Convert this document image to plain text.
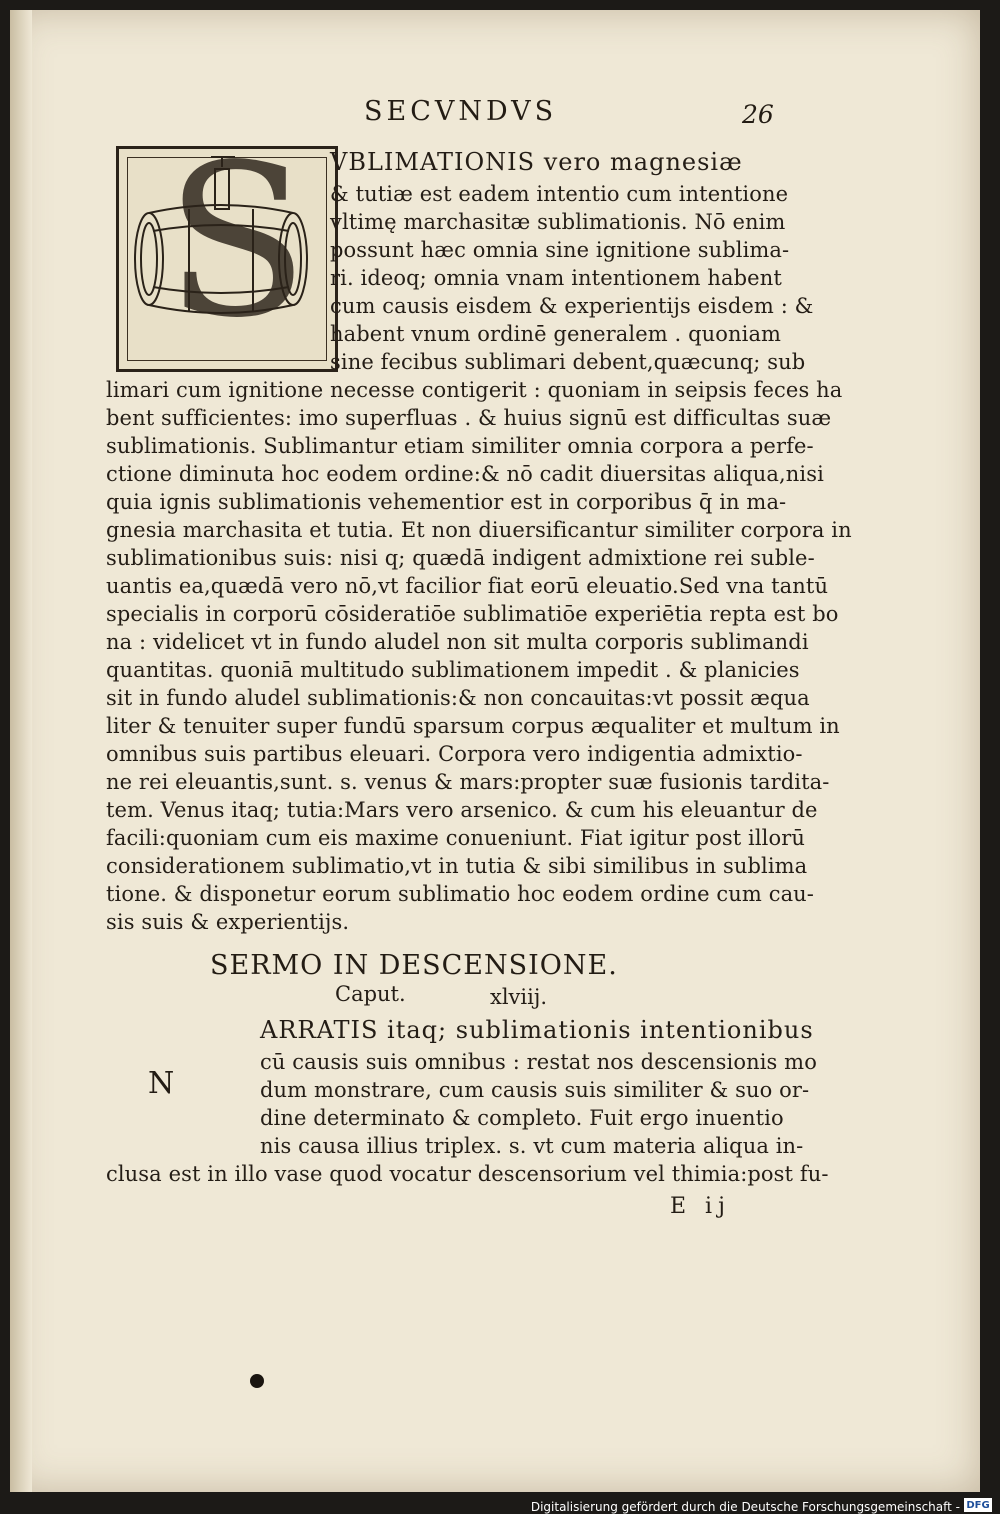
SECVNDVS	26
S VBLIMATIONIS vero magnesiæ
& tutiæ est eadem intentio cum intentione
vltimę marchasitæ sublimationis. Nō enim
possunt hæc omnia sine ignitione sublima-
ri. ideoq; omnia vnam intentionem habent
cum causis eisdem & experientijs eisdem : &
habent vnum ordinē generalem . quoniam
sine fecibus sublimari debent,quæcunq; sub
limari cum ignitione necesse contigerit : quoniam in seipsis feces ha
bent sufficientes: imo superfluas . & huius signū est difficultas suæ
sublimationis. Sublimantur etiam similiter omnia corpora a perfe-
ctione diminuta hoc eodem ordine:& nō cadit diuersitas aliqua,nisi
quia ignis sublimationis vehementior est in corporibus q̄ in ma-
gnesia marchasita et tutia. Et non diuersificantur similiter corpora in
sublimationibus suis: nisi q; quædā indigent admixtione rei suble-
uantis ea,quædā vero nō,vt facilior fiat eorū eleuatio.Sed vna tantū
specialis in corporū cōsideratiōe sublimatiōe experiētia repta est bo
na : videlicet vt in fundo aludel non sit multa corporis sublimandi
quantitas. quoniā multitudo sublimationem impedit . & planicies
sit in fundo aludel sublimationis:& non concauitas:vt possit æqua
liter & tenuiter super fundū sparsum corpus æqualiter et multum in
omnibus suis partibus eleuari. Corpora vero indigentia admixtio-
ne rei eleuantis,sunt. s. venus & mars:propter suæ fusionis tardita-
tem. Venus itaq; tutia:Mars vero arsenico. & cum his eleuantur de
facili:quoniam cum eis maxime conueniunt. Fiat igitur post illorū
considerationem sublimatio,vt in tutia & sibi similibus in sublima
tione. & disponetur eorum sublimatio hoc eodem ordine cum cau-
sis suis & experientijs.
SERMO IN DESCENSIONE.
Caput.	xlviij.
N
ARRATIS itaq; sublimationis intentionibus
cū causis suis omnibus : restat nos descensionis mo
dum monstrare, cum causis suis similiter & suo or-
dine determinato & completo. Fuit ergo inuentio
nis causa illius triplex. s. vt cum materia aliqua in-
clusa est in illo vase quod vocatur descensorium vel thimia:post fu-
E ij
Digitalisierung gefördert durch die Deutsche Forschungsgemeinschaft - DFG
